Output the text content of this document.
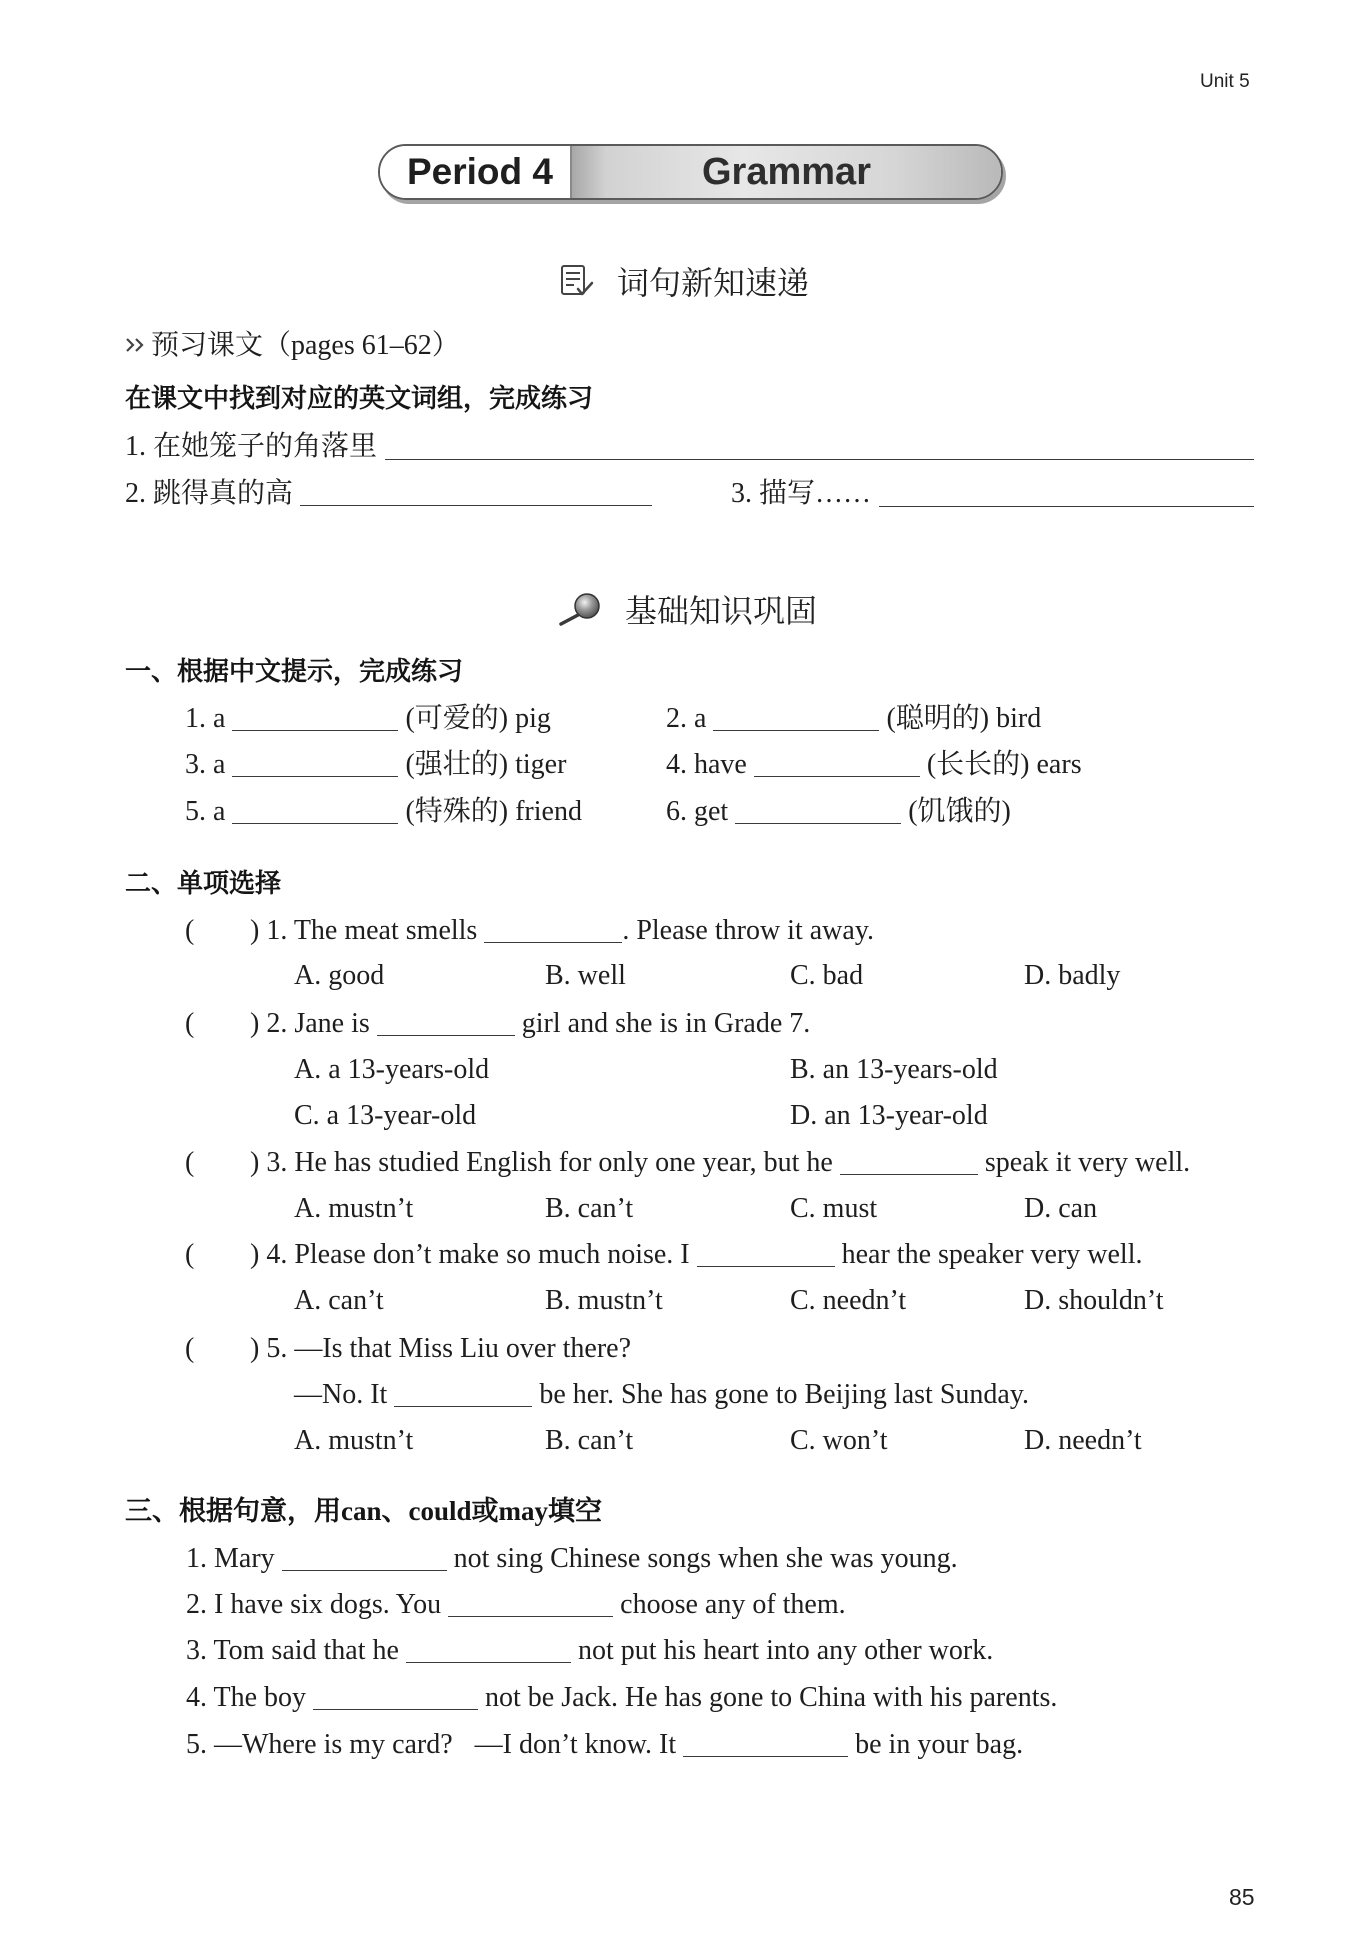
Unit 5
Period 4	Grammar
词句新知速递
预习课文（pages 61–62）
在课文中找到对应的英文词组，完成练习
1. 在她笼子的角落里
2. 跳得真的高	3. 描写……
基础知识巩固
一、根据中文提示，完成练习
1. a	(可爱的) pig	2. a	(聪明的) bird
3. a	(强壮的) tiger	4. have	(长长的) ears
5. a	(特殊的) friend	6. get	(饥饿的)
二、单项选择
( ) 1. The meat smells	. Please throw it away.
A. good	B. well	C. bad	D. badly
( ) 2. Jane is	girl and she is in Grade 7.
A. a 13-years-old	B. an 13-years-old
C. a 13-year-old	D. an 13-year-old
( ) 3. He has studied English for only one year, but he	speak it very well.
A. mustn’t	B. can’t	C. must	D. can
( ) 4. Please don’t make so much noise. I	hear the speaker very well.
A. can’t	B. mustn’t	C. needn’t	D. shouldn’t
( ) 5. —Is that Miss Liu over there?
—No. It	be her. She has gone to Beijing last Sunday.
A. mustn’t	B. can’t	C. won’t	D. needn’t
三、根据句意，用can、could或may填空
1. Mary	not sing Chinese songs when she was young.
2. I have six dogs. You	choose any of them.
3. Tom said that he	not put his heart into any other work.
4. The boy	not be Jack. He has gone to China with his parents.
5. —Where is my card? —I don’t know. It	be in your bag.
85
